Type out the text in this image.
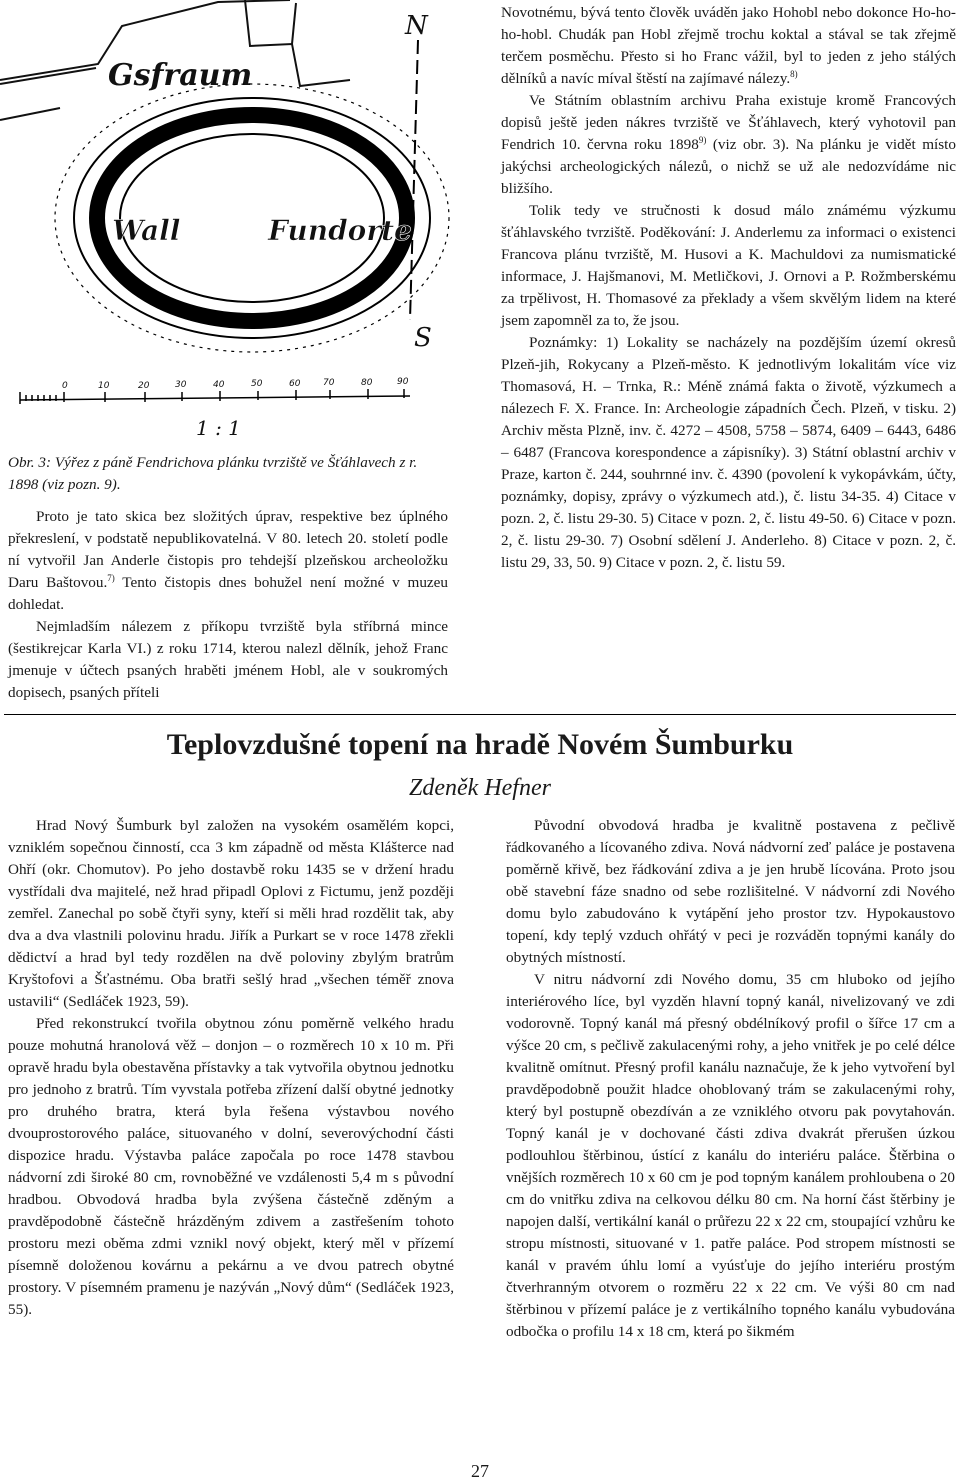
Gsfraum
Wall	Fundorte
N
S
0	10	20	30	40	50	60	70	80	90
1 : 1
Obr. 3: Výřez z páně Fendrichova plánku tvrziště ve Šťáhlavech z r. 1898 (viz pozn. 9).

Proto je tato skica bez složitých úprav, respektive bez úplného překreslení, v podstatě nepublikovatelná. V 80. letech 20. století podle ní vytvořil Jan Anderle čistopis pro tehdejší plzeňskou archeoložku Daru Baštovou.$^{7)}$ Tento čistopis dnes bohužel není možné v muzeu dohledat.

Nejmladším nálezem z příkopu tvrziště byla stříbrná mince (šestikrejcar Karla VI.) z roku 1714, kterou nalezl dělník, jehož Franc jmenuje v účtech psaných hraběti jménem Hobl, ale v soukromých dopisech, psaných příteli

Novotnému, bývá tento člověk uváděn jako Hohobl nebo dokonce Ho-ho-ho-hobl. Chudák pan Hobl zřejmě trochu koktal a stával se tak zřejmě terčem posměchu. Přesto si ho Franc vážil, byl to jeden z jeho stálých dělníků a navíc míval štěstí na zajímavé nálezy.$^{8)}$

Ve Státním oblastním archivu Praha existuje kromě Francových dopisů ještě jeden nákres tvrziště ve Šťáhlavech, který vyhotovil pan Fendrich 10. června roku 1898$^{9)}$ (viz obr. 3). Na plánku je vidět místo jakýchsi archeologických nálezů, o nichž se už ale nedozvídáme nic bližšího.

Tolik tedy ve stručnosti k dosud málo známému výzkumu šťáhlavského tvrziště. Poděkování: J. Anderlemu za informaci o existenci Francova plánu tvrziště, M. Husovi a K. Machuldovi za numismatické informace, J. Hajšmanovi, M. Metličkovi, J. Ornovi a P. Rožmberskému za trpělivost, H. Thomasové za překlady a všem skvělým lidem na které jsem zapomněl za to, že jsou.

Poznámky: 1) Lokality se nacházely na pozdějším území okresů Plzeň-jih, Rokycany a Plzeň-město. K jednotlivým lokalitám více viz Thomasová, H. – Trnka, R.: Méně známá fakta o životě, výzkumech a nálezech F. X. France. In: Archeologie západních Čech. Plzeň, v tisku. 2) Archiv města Plzně, inv. č. 4272 – 4508, 5758 – 5874, 6409 – 6443, 6486 – 6487 (Francova korespondence a zápisníky). 3) Státní oblastní archiv v Praze, karton č. 244, souhrnné inv. č. 4390 (povolení k vykopávkám, účty, poznámky, dopisy, zprávy o výzkumech atd.), č. listu 34-35. 4) Citace v pozn. 2, č. listu 29-30. 5) Citace v pozn. 2, č. listu 49-50. 6) Citace v pozn. 2, č. listu 29-30. 7) Osobní sdělení J. Anderleho. 8) Citace v pozn. 2, č. listu 29, 33, 50. 9) Citace v pozn. 2, č. listu 59.

Teplovzdušné topení na hradě Novém Šumburku
Zdeněk Hefner

Hrad Nový Šumburk byl založen na vysokém osamělém kopci, vzniklém sopečnou činností, cca 3 km západně od města Klášterce nad Ohří (okr. Chomutov). Po jeho dostavbě roku 1435 se v držení hradu vystřídali dva majitelé, než hrad připadl Oplovi z Fictumu, jenž později zemřel. Zanechal po sobě čtyři syny, kteří si měli hrad rozdělit tak, aby dva a dva vlastnili polovinu hradu. Jiřík a Purkart se v roce 1478 zřekli dědictví a hrad byl tedy rozdělen na dvě poloviny zbylým bratrům Kryštofovi a Šťastnému. Oba bratři sešlý hrad „všechen téměř znova ustavili“ (Sedláček 1923, 59).

Před rekonstrukcí tvořila obytnou zónu poměrně velkého hradu pouze mohutná hranolová věž – donjon – o rozměrech 10 x 10 m. Při opravě hradu byla obestavěna přístavky a tak vytvořila obytnou jednotku pro jednoho z bratrů. Tím vyvstala potřeba zřízení další obytné jednotky pro druhého bratra, která byla řešena výstavbou nového dvouprostorového paláce, situovaného v dolní, severovýchodní části dispozice hradu. Výstavba paláce započala po roce 1478 stavbou nádvorní zdi široké 80 cm, rovnoběžné ve vzdálenosti 5,4 m s původní hradbou. Obvodová hradba byla zvýšena částečně zděným a pravděpodobně částečně hrázděným zdivem a zastřešením tohoto prostoru mezi oběma zdmi vznikl nový objekt, který měl v přízemí písemně doloženou kovárnu a pekárnu a ve dvou patrech obytné prostory. V písemném pramenu je nazýván „Nový dům“ (Sedláček 1923, 55).

Původní obvodová hradba je kvalitně postavena z pečlivě řádkovaného a lícovaného zdiva. Nová nádvorní zeď paláce je postavena poměrně křivě, bez řádkování zdiva a je jen hrubě lícována. Proto jsou obě stavební fáze snadno od sebe rozlišitelné. V nádvorní zdi Nového domu bylo zabudováno k vytápění jeho prostor tzv. Hypokaustovo topení, kdy teplý vzduch ohřátý v peci je rozváděn topnými kanály do obytných místností.

V nitru nádvorní zdi Nového domu, 35 cm hluboko od jejího interiérového líce, byl vyzděn hlavní topný kanál, nivelizovaný ve zdi vodorovně. Topný kanál má přesný obdélníkový profil o šířce 17 cm a výšce 20 cm, s pečlivě zakulacenými rohy, a jeho vnitřek je po celé délce kvalitně omítnut. Přesný profil kanálu naznačuje, že k jeho vytvoření byl pravděpodobně použit hladce ohoblovaný trám se zakulacenými rohy, který byl postupně obezdíván a ze vzniklého otvoru pak povytahován. Topný kanál je v dochované části zdiva dvakrát přerušen úzkou podlouhlou štěrbinou, ústící z kanálu do interiéru paláce. Štěrbina o vnějších rozměrech 10 x 60 cm je pod topným kanálem prohloubena o 20 cm do vnitřku zdiva na celkovou délku 80 cm. Na horní část štěrbiny je napojen další, vertikální kanál o průřezu 22 x 22 cm, stoupající vzhůru ke stropu místnosti, situované v 1. patře paláce. Pod stropem místnosti se kanál v pravém úhlu lomí a vyúsťuje do jejího interiéru prostým čtverhranným otvorem o rozměru 22 x 22 cm. Ve výši 80 cm nad štěrbinou v přízemí paláce je z vertikálního topného kanálu vybudována odbočka o profilu 14 x 18 cm, která po šikmém

27
